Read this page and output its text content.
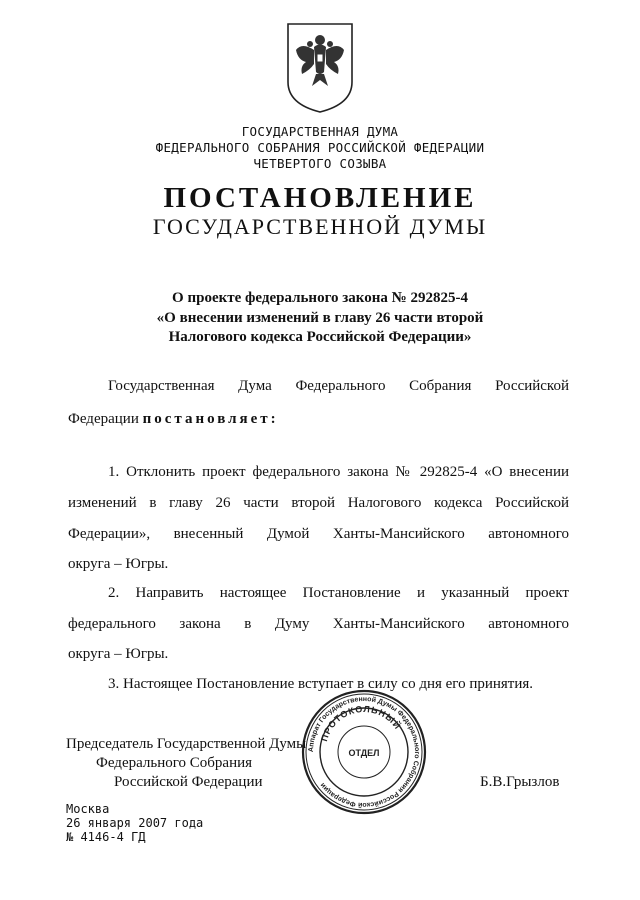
ГОСУДАРСТВЕННАЯ ДУМА
ФЕДЕРАЛЬНОГО СОБРАНИЯ РОССИЙСКОЙ ФЕДЕРАЦИИ
ЧЕТВЕРТОГО СОЗЫВА
ПОСТАНОВЛЕНИЕ
ГОСУДАРСТВЕННОЙ ДУМЫ
О проекте федерального закона № 292825-4
«О внесении изменений в главу 26 части второй
Налогового кодекса Российской Федерации»
Государственная Дума Федерального Собрания Российской
Федерации постановляет:
1. Отклонить проект федерального закона № 292825-4 «О внесении
изменений в главу 26 части второй Налогового кодекса Российской
Федерации», внесенный Думой Ханты-Мансийского автономного
округа – Югры.
2. Направить настоящее Постановление и указанный проект
федерального закона в Думу Ханты-Мансийского автономного
округа – Югры.
3. Настоящее Постановление вступает в силу со дня его принятия.
Аппарат Государственной Думы Федерального Собрания Российской Федерации
ПРОТОКОЛЬНЫЙ
ОТДЕЛ
Председатель Государственной Думы
Федерального Собрания
Российской Федерации	Б.В.Грызлов
Москва
26 января 2007 года
№ 4146-4 ГД
